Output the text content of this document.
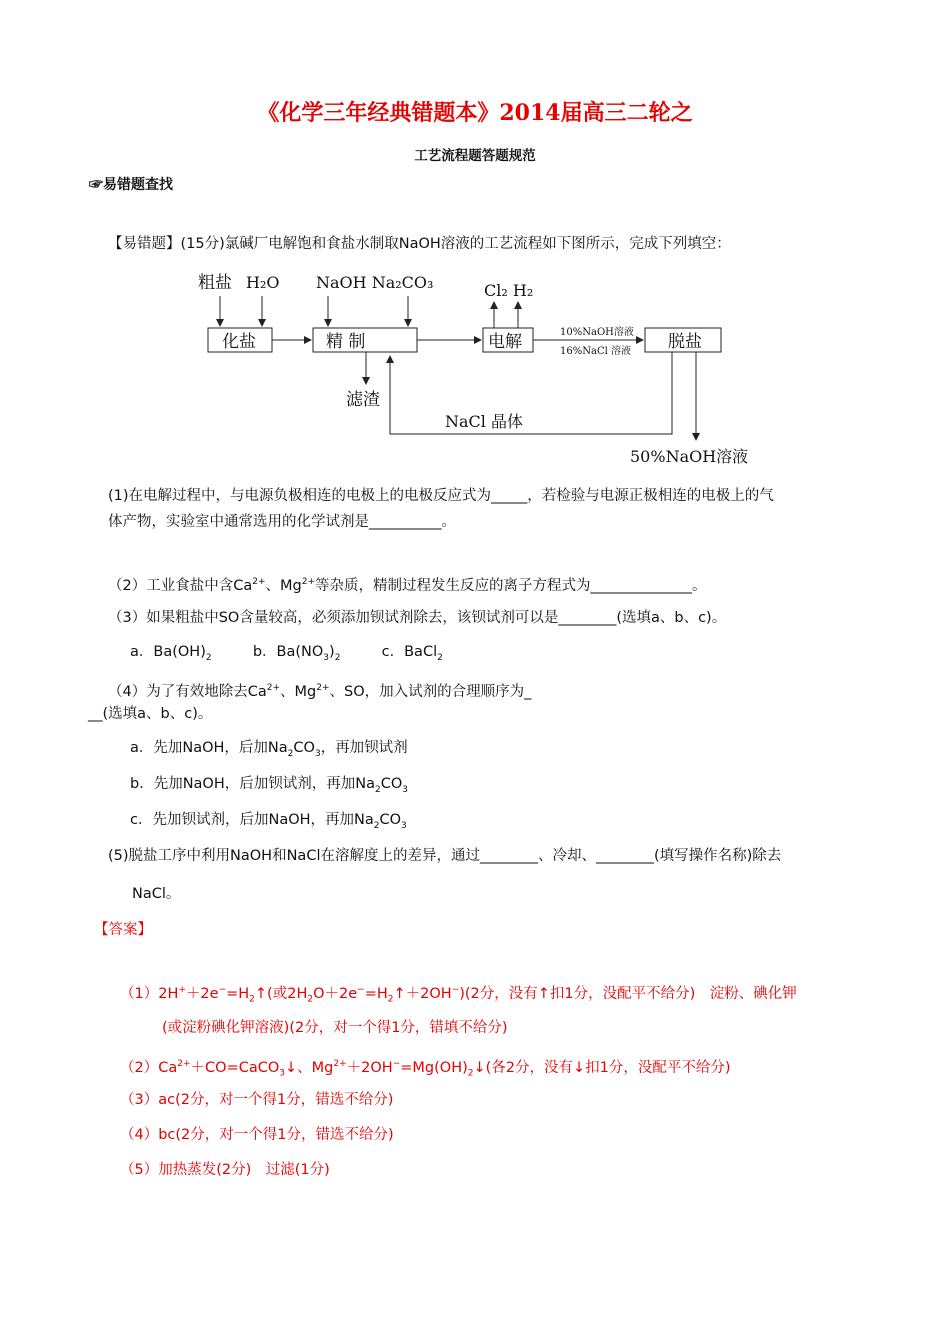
《化学三年经典错题本》2014届高三二轮之
工艺流程题答题规范
☞易错题查找
【易错题】(15分)氯碱厂电解饱和食盐水制取NaOH溶液的工艺流程如下图所示，完成下列填空：
粗盐 H₂O NaOH Na₂CO₃	Cl₂ H₂
化盐	精 制	电解	脱盐
10%NaOH溶液
16%NaCl 溶液
滤渣
NaCl 晶体
50%NaOH溶液
(1)在电解过程中，与电源负极相连的电极上的电极反应式为_____，若检验与电源正极相连的电极上的气
体产物，实验室中通常选用的化学试剂是__________。
（2）工业食盐中含$Ca^{2+}$、$Mg^{2+}$等杂质，精制过程发生反应的离子方程式为______________。
（3）如果粗盐中SO含量较高，必须添加钡试剂除去，该钡试剂可以是________(选填a、b、c)。
a．$Ba(OH)_2$	b．$Ba(NO_3)_2$	c．BaCl$_2$
（4）为了有效地除去$Ca^{2+}$、$Mg^{2+}$、SO，加入试剂的合理顺序为_
__(选填a、b、c)。
a．先加NaOH，后加$Na_2CO_3$，再加钡试剂
b．先加NaOH，后加钡试剂，再加$Na_2CO_3$
c．先加钡试剂，后加NaOH，再加$Na_2CO_3$
(5)脱盐工序中利用NaOH和NaCl在溶解度上的差异，通过________、冷却、________(填写操作名称)除去
NaCl。
【答案】
$(1)2H^++2e^-=H_2↑$(或$2H_2O+2e^-=H_2↑+2OH^-)(2$分，没有↑扣1分，没配平不给分)　淀粉、碘化钾
(或淀粉碘化钾溶液)(2分，对一个得1分，错填不给分)
$(2)Ca^{2+}+CO=CaCO_3↓$、$Mg^{2+}+2OH^-=Mg(OH)_2↓$(各2分，没有↓扣1分，没配平不给分)
（3）ac(2分，对一个得1分，错选不给分)
（4）bc(2分，对一个得1分，错选不给分)
（5）加热蒸发(2分)　过滤(1分)
